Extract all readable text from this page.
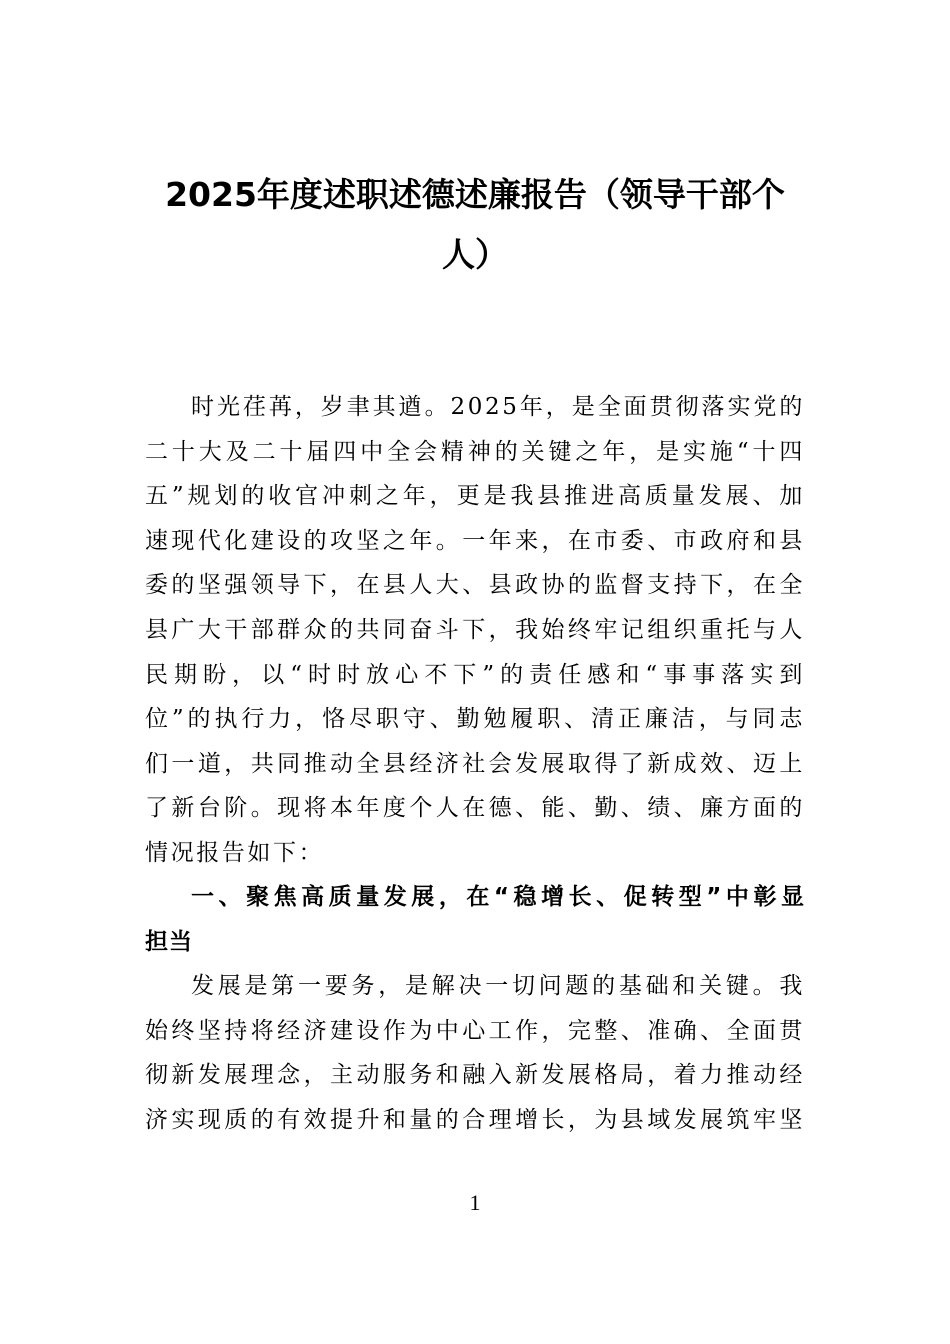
2025年度述职述德述廉报告（领导干部个
人）
时光荏苒，岁聿其遒。2025年，是全面贯彻落实党的
二十大及二十届四中全会精神的关键之年，是实施“十四
五”规划的收官冲刺之年，更是我县推进高质量发展、加
速现代化建设的攻坚之年。一年来，在市委、市政府和县
委的坚强领导下，在县人大、县政协的监督支持下，在全
县广大干部群众的共同奋斗下，我始终牢记组织重托与人
民期盼，以“时时放心不下”的责任感和“事事落实到
位”的执行力，恪尽职守、勤勉履职、清正廉洁，与同志
们一道，共同推动全县经济社会发展取得了新成效、迈上
了新台阶。现将本年度个人在德、能、勤、绩、廉方面的
情况报告如下：
一、聚焦高质量发展，在“稳增长、促转型”中彰显
担当
发展是第一要务，是解决一切问题的基础和关键。我
始终坚持将经济建设作为中心工作，完整、准确、全面贯
彻新发展理念，主动服务和融入新发展格局，着力推动经
济实现质的有效提升和量的合理增长，为县域发展筑牢坚
1
